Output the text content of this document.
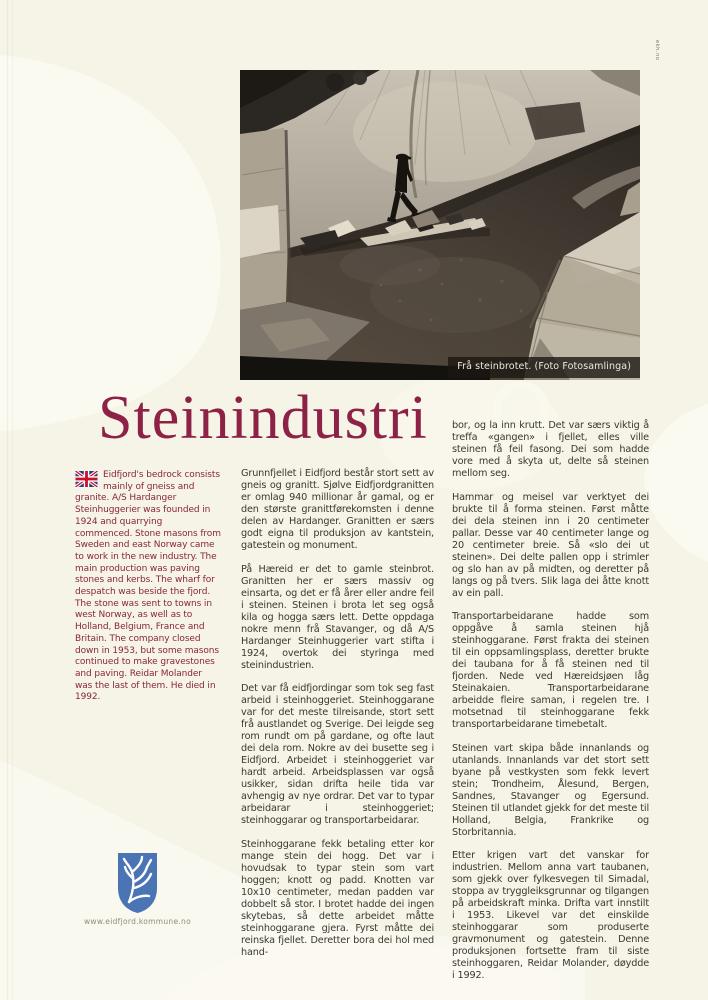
ekh.no
Frå steinbrotet. (Foto Fotosamlinga)
Steinindustri
Eidfjord's bedrock consists mainly of gneiss and granite. A/S Hardanger Steinhuggerier was founded in 1924 and quarrying commenced. Stone masons from Sweden and east Norway came to work in the new industry. The main production was paving stones and kerbs. The wharf for despatch was beside the fjord. The stone was sent to towns in west Norway, as well as to Holland, Belgium, France and Britain. The company closed down in 1953, but some masons continued to make gravestones and paving. Reidar Molander was the last of them. He died in 1992.

Grunnfjellet i Eidfjord består stort sett av gneis og granitt. Sjølve Eidfjordgranitten er omlag 940 millionar år gamal, og er den største granittførekomsten i denne delen av Hardanger. Granitten er særs godt eigna til produksjon av kantstein, gatestein og monument.

På Hæreid er det to gamle steinbrot. Granitten her er særs massiv og einsarta, og det er få årer eller andre feil i steinen. Steinen i brota let seg også kila og hogga særs lett. Dette oppdaga nokre menn frå Stavanger, og då A/S Hardanger Steinhuggerier vart stifta i 1924, overtok dei styringa med steinindustrien.

Det var få eidfjordingar som tok seg fast arbeid i steinhoggeriet. Steinhoggarane var for det meste tilreisande, stort sett frå austlandet og Sverige. Dei leigde seg rom rundt om på gardane, og ofte laut dei dela rom. Nokre av dei busette seg i Eidfjord. Arbeidet i steinhoggeriet var hardt arbeid. Arbeidsplassen var også usikker, sidan drifta heile tida var avhengig av nye ordrar. Det var to typar arbeidarar i steinhoggeriet; steinhoggarar og transportarbeidarar.

Steinhoggarane fekk betaling etter kor mange stein dei hogg. Det var i hovudsak to typar stein som vart hoggen; knott og padd. Knotten var 10x10 centimeter, medan padden var dobbelt så stor. I brotet hadde dei ingen skytebas, så dette arbeidet måtte steinhoggarane gjera. Fyrst måtte dei reinska fjellet. Deretter bora dei hol med hand-

bor, og la inn krutt. Det var særs viktig å treffa «gangen» i fjellet, elles ville steinen få feil fasong. Dei som hadde vore med å skyta ut, delte så steinen mellom seg.

Hammar og meisel var verktyet dei brukte til å forma steinen. Først måtte dei dela steinen inn i 20 centimeter pallar. Desse var 40 centimeter lange og 20 centimeter breie. Så «slo dei ut steinen». Dei delte pallen opp i strimler og slo han av på midten, og deretter på langs og på tvers. Slik laga dei åtte knott av ein pall.

Transportarbeidarane hadde som oppgåve å samla steinen hjå steinhoggarane. Først frakta dei steinen til ein oppsamlingsplass, deretter brukte dei taubana for å få steinen ned til fjorden. Nede ved Hæreidsjøen låg Steinakaien. Transportarbeidarane arbeidde fleire saman, i regelen tre. I motsetnad til steinhoggarane fekk transportarbeidarane timebetalt.

Steinen vart skipa både innanlands og utanlands. Innanlands var det stort sett byane på vestkysten som fekk levert stein; Trondheim, Ålesund, Bergen, Sandnes, Stavanger og Egersund. Steinen til utlandet gjekk for det meste til Holland, Belgia, Frankrike og Storbritannia.

Etter krigen vart det vanskar for industrien. Mellom anna vart taubanen, som gjekk over fylkesvegen til Simadal, stoppa av tryggleiksgrunnar og tilgangen på arbeidskraft minka. Drifta vart innstilt i 1953. Likevel var det einskilde steinhoggarar som produserte gravmonument og gatestein. Denne produksjonen fortsette fram til siste steinhoggaren, Reidar Molander, døydde i 1992.

www.eidfjord.kommune.no
